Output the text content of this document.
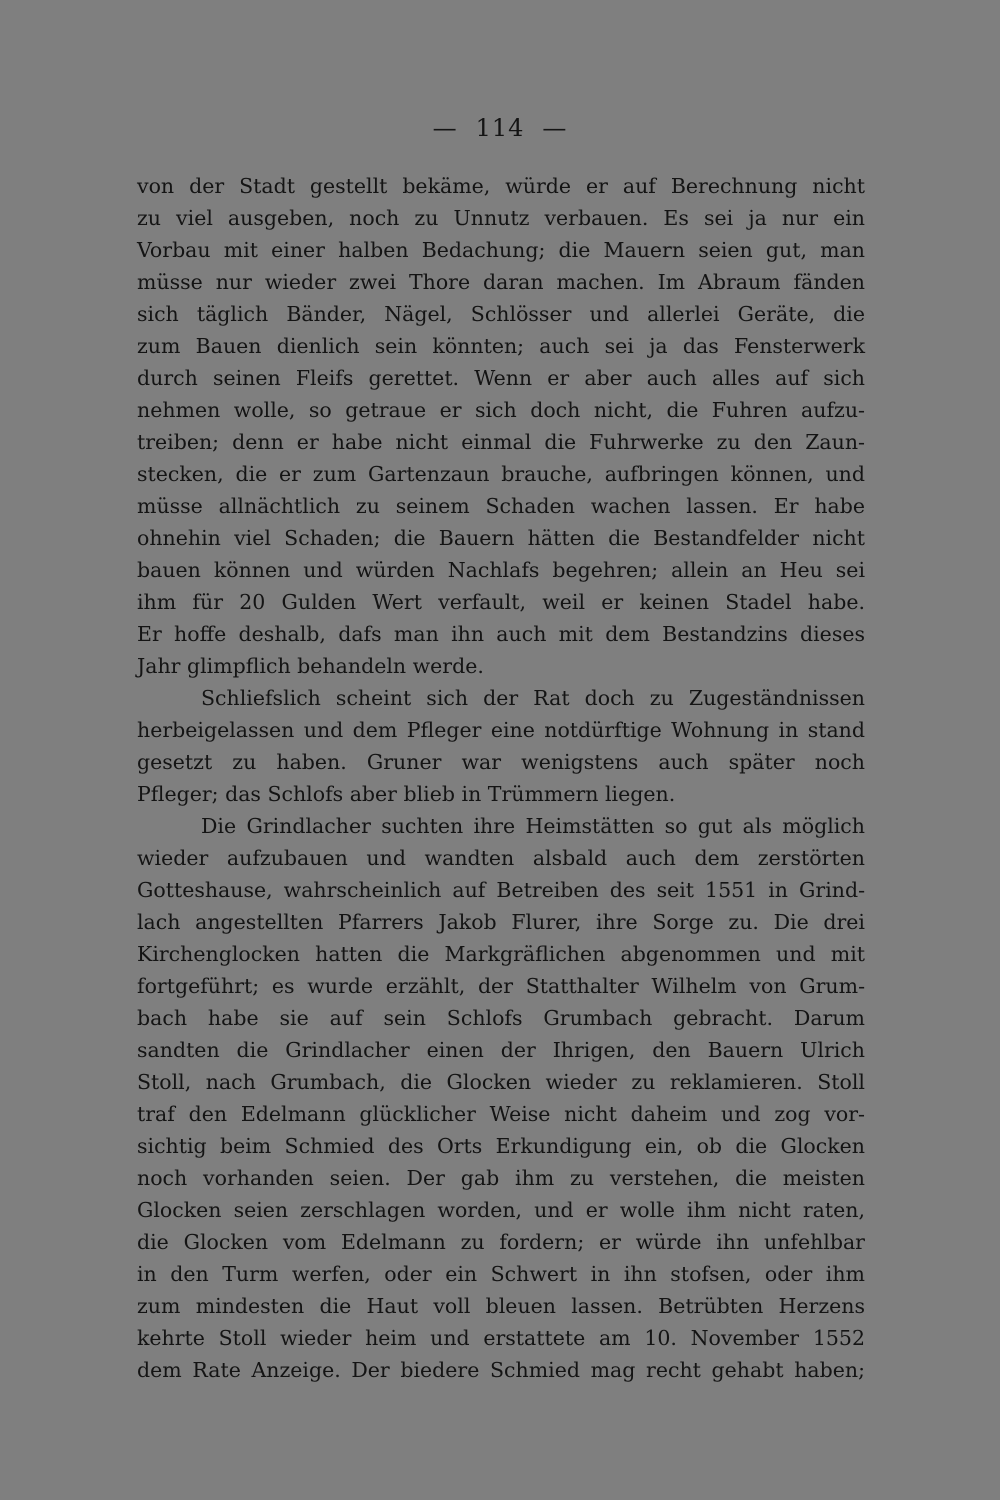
— 114 —
von der Stadt gestellt bekäme, würde er auf Berechnung nicht
zu viel ausgeben, noch zu Unnutz verbauen. Es sei ja nur ein
Vorbau mit einer halben Bedachung; die Mauern seien gut, man
müsse nur wieder zwei Thore daran machen. Im Abraum fänden
sich täglich Bänder, Nägel, Schlösser und allerlei Geräte, die
zum Bauen dienlich sein könnten; auch sei ja das Fensterwerk
durch seinen Fleifs gerettet. Wenn er aber auch alles auf sich
nehmen wolle, so getraue er sich doch nicht, die Fuhren aufzu-
treiben; denn er habe nicht einmal die Fuhrwerke zu den Zaun-
stecken, die er zum Gartenzaun brauche, aufbringen können, und
müsse allnächtlich zu seinem Schaden wachen lassen. Er habe
ohnehin viel Schaden; die Bauern hätten die Bestandfelder nicht
bauen können und würden Nachlafs begehren; allein an Heu sei
ihm für 20 Gulden Wert verfault, weil er keinen Stadel habe.
Er hoffe deshalb, dafs man ihn auch mit dem Bestandzins dieses
Jahr glimpflich behandeln werde.
Schliefslich scheint sich der Rat doch zu Zugeständnissen
herbeigelassen und dem Pfleger eine notdürftige Wohnung in stand
gesetzt zu haben. Gruner war wenigstens auch später noch
Pfleger; das Schlofs aber blieb in Trümmern liegen.
Die Grindlacher suchten ihre Heimstätten so gut als möglich
wieder aufzubauen und wandten alsbald auch dem zerstörten
Gotteshause, wahrscheinlich auf Betreiben des seit 1551 in Grind-
lach angestellten Pfarrers Jakob Flurer, ihre Sorge zu. Die drei
Kirchenglocken hatten die Markgräflichen abgenommen und mit
fortgeführt; es wurde erzählt, der Statthalter Wilhelm von Grum-
bach habe sie auf sein Schlofs Grumbach gebracht. Darum
sandten die Grindlacher einen der Ihrigen, den Bauern Ulrich
Stoll, nach Grumbach, die Glocken wieder zu reklamieren. Stoll
traf den Edelmann glücklicher Weise nicht daheim und zog vor-
sichtig beim Schmied des Orts Erkundigung ein, ob die Glocken
noch vorhanden seien. Der gab ihm zu verstehen, die meisten
Glocken seien zerschlagen worden, und er wolle ihm nicht raten,
die Glocken vom Edelmann zu fordern; er würde ihn unfehlbar
in den Turm werfen, oder ein Schwert in ihn stofsen, oder ihm
zum mindesten die Haut voll bleuen lassen. Betrübten Herzens
kehrte Stoll wieder heim und erstattete am 10. November 1552
dem Rate Anzeige. Der biedere Schmied mag recht gehabt haben;
